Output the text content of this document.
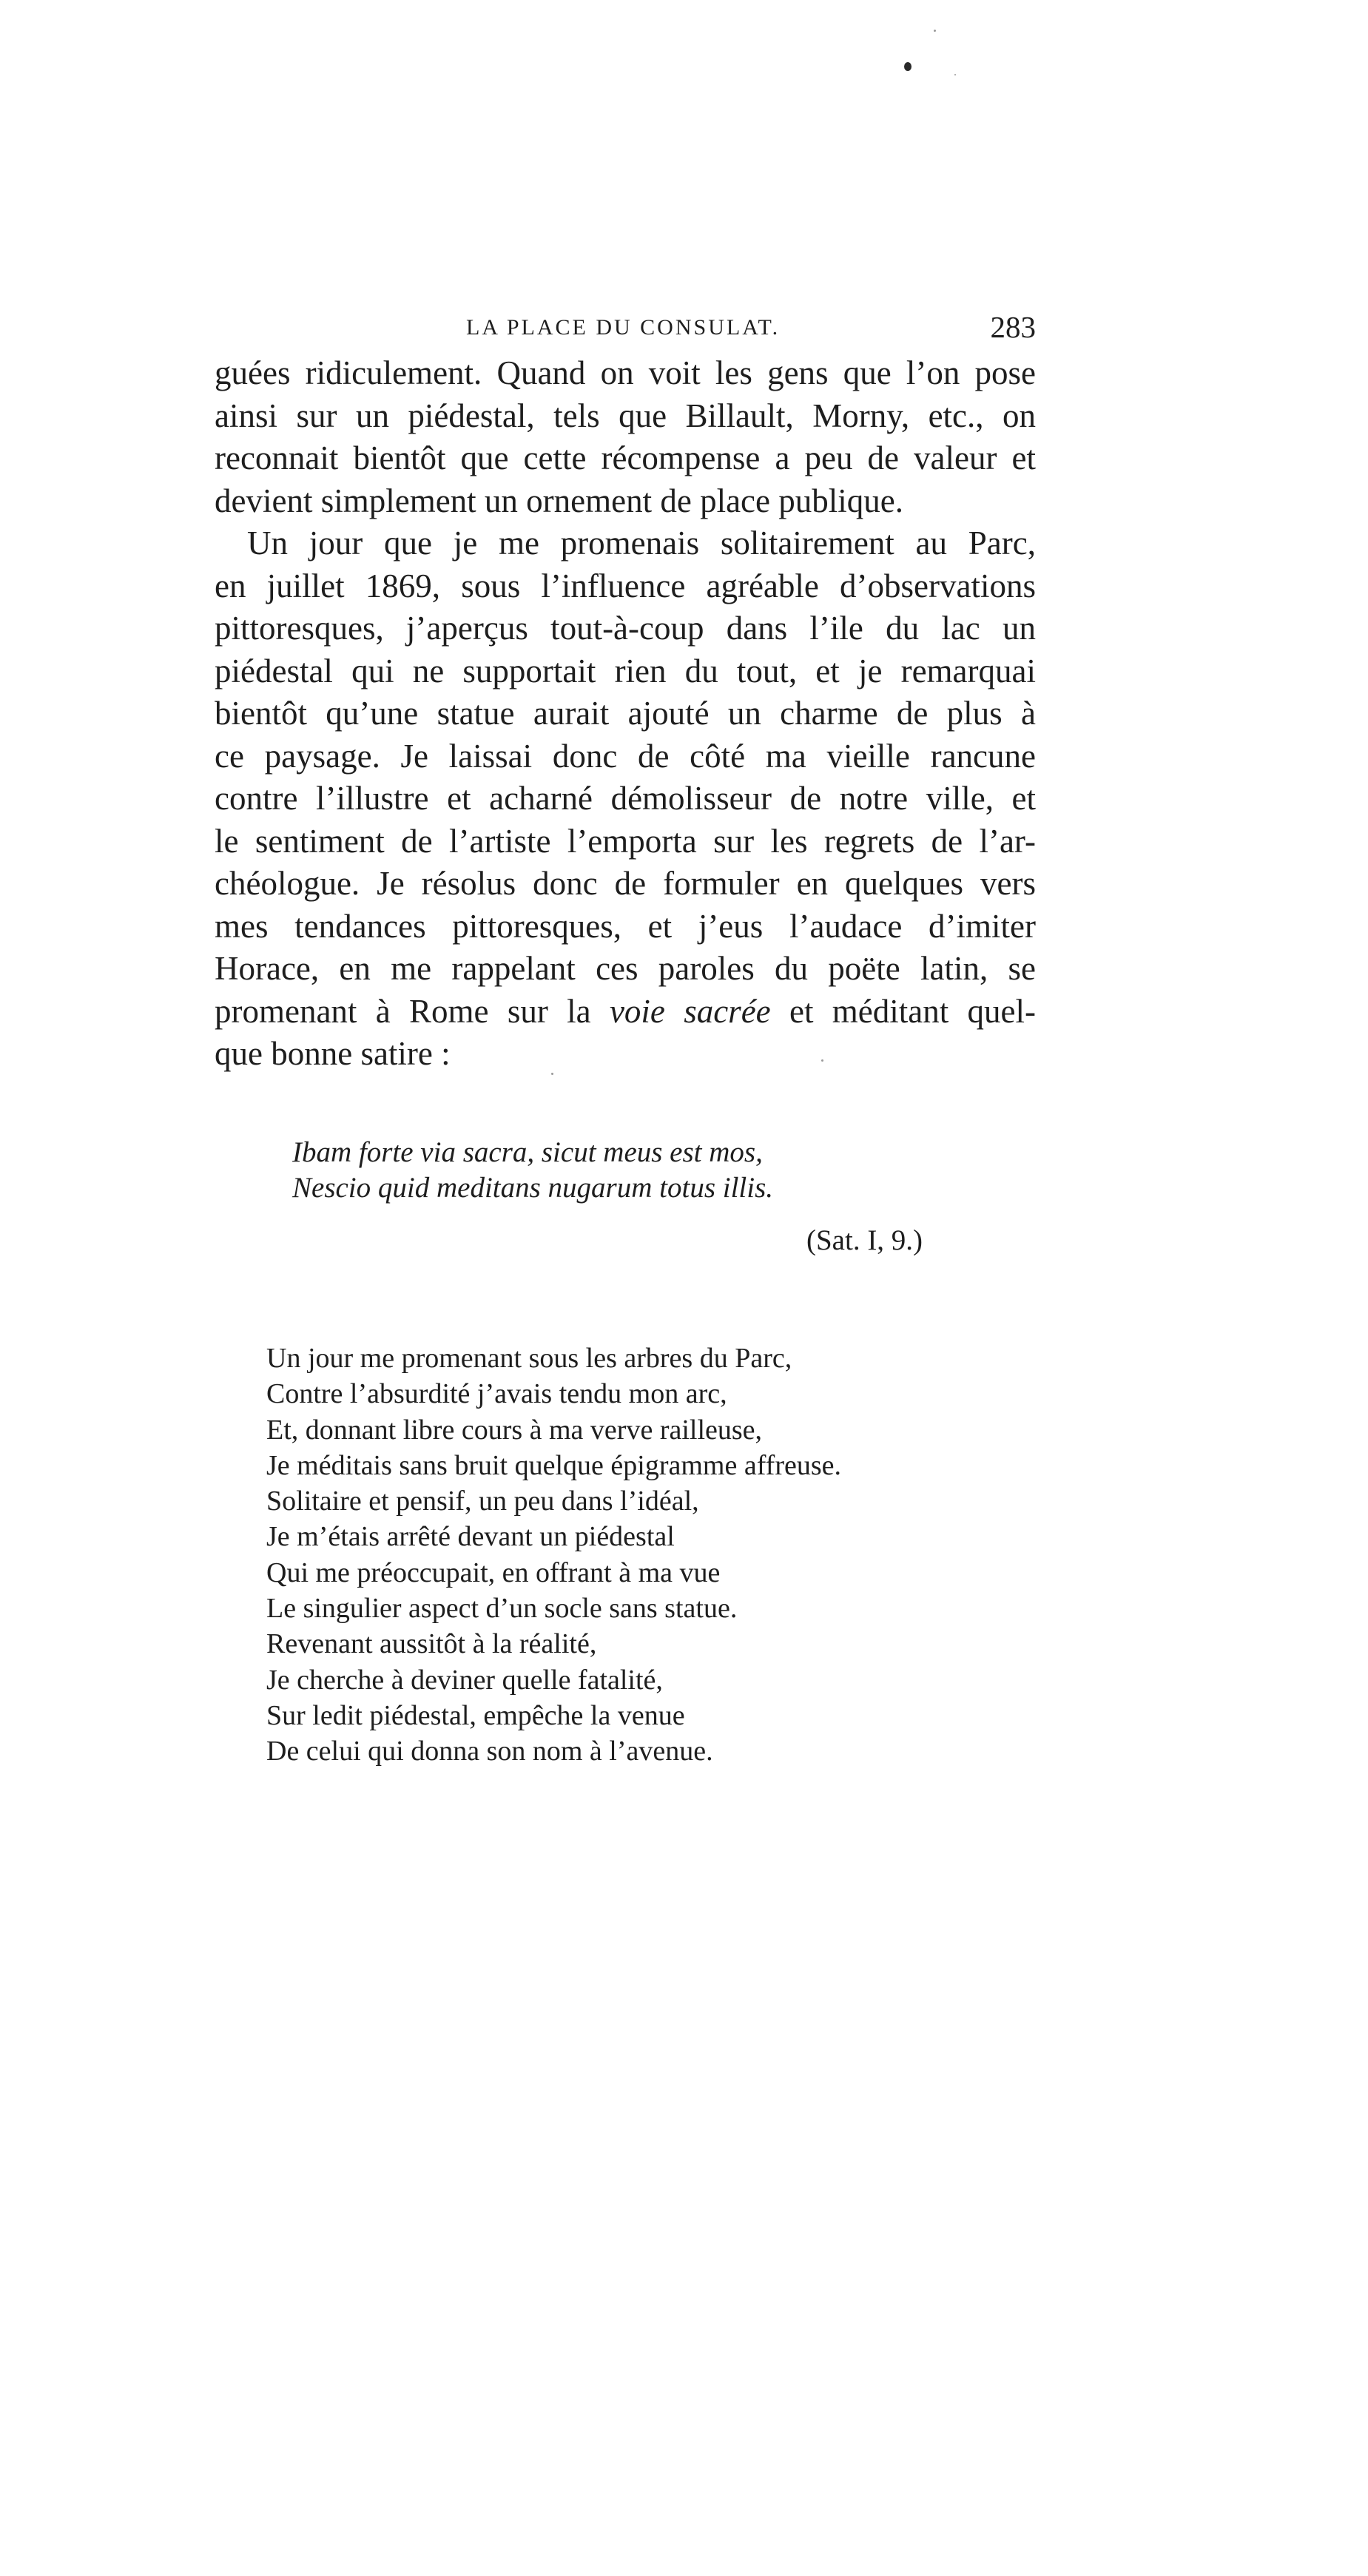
LA PLACE DU CONSULAT.	283
guées ridiculement. Quand on voit les gens que l’on pose
ainsi sur un piédestal, tels que Billault, Morny, etc., on
reconnait bientôt que cette récompense a peu de valeur et
devient simplement un ornement de place publique.
Un jour que je me promenais solitairement au Parc,
en juillet 1869, sous l’influence agréable d’observations
pittoresques, j’aperçus tout-à-coup dans l’ile du lac un
piédestal qui ne supportait rien du tout, et je remarquai
bientôt qu’une statue aurait ajouté un charme de plus à
ce paysage. Je laissai donc de côté ma vieille rancune
contre l’illustre et acharné démolisseur de notre ville, et
le sentiment de l’artiste l’emporta sur les regrets de l’ar-
chéologue. Je résolus donc de formuler en quelques vers
mes tendances pittoresques, et j’eus l’audace d’imiter
Horace, en me rappelant ces paroles du poëte latin, se
promenant à Rome sur la voie sacrée et méditant quel-
que bonne satire :
Ibam forte via sacra, sicut meus est mos,
Nescio quid meditans nugarum totus illis.
(Sat. I, 9.)
Un jour me promenant sous les arbres du Parc,
Contre l’absurdité j’avais tendu mon arc,
Et, donnant libre cours à ma verve railleuse,
Je méditais sans bruit quelque épigramme affreuse.
Solitaire et pensif, un peu dans l’idéal,
Je m’étais arrêté devant un piédestal
Qui me préoccupait, en offrant à ma vue
Le singulier aspect d’un socle sans statue.
Revenant aussitôt à la réalité,
Je cherche à deviner quelle fatalité,
Sur ledit piédestal, empêche la venue
De celui qui donna son nom à l’avenue.
